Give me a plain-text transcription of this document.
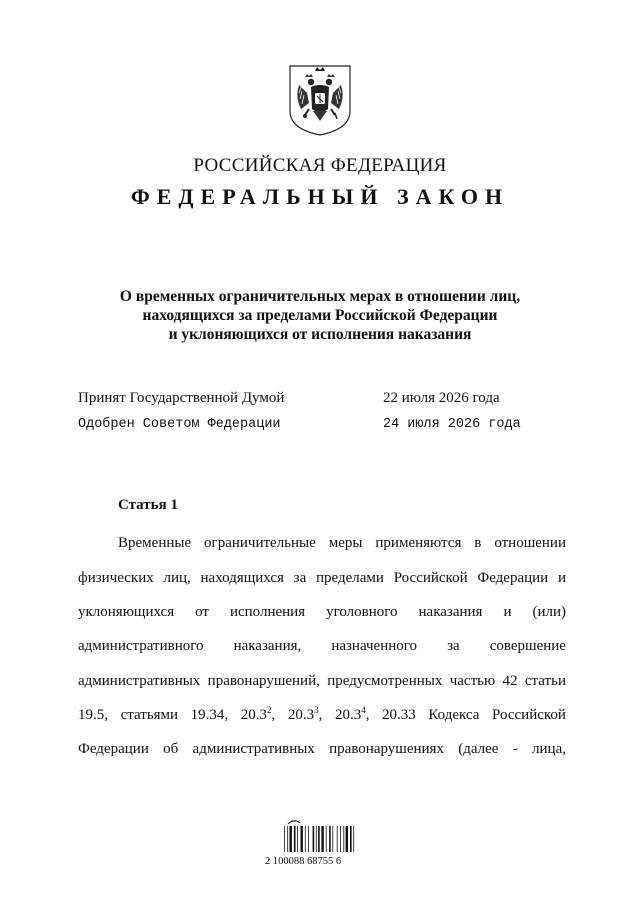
РОССИЙСКАЯ ФЕДЕРАЦИЯ
ФЕДЕРАЛЬНЫЙ ЗАКОН
О временных ограничительных мерах в отношении лиц,
находящихся за пределами Российской Федерации
и уклоняющихся от исполнения наказания
Принят Государственной Думой	22 июля 2026 года
Одобрен Советом Федерации	24 июля 2026 года
Статья 1
Временные ограничительные меры применяются в отношении
физических лиц, находящихся за пределами Российской Федерации и
уклоняющихся от исполнения уголовного наказания и (или)
административного наказания, назначенного за совершение
административных правонарушений, предусмотренных частью 42 статьи
19.5, статьями 19.34, 20.3$^2$, 20.3$^3$, 20.3$^4$, 20.33 Кодекса Российской
Федерации об административных правонарушениях (далее - лица,
2 100088 68755 6
